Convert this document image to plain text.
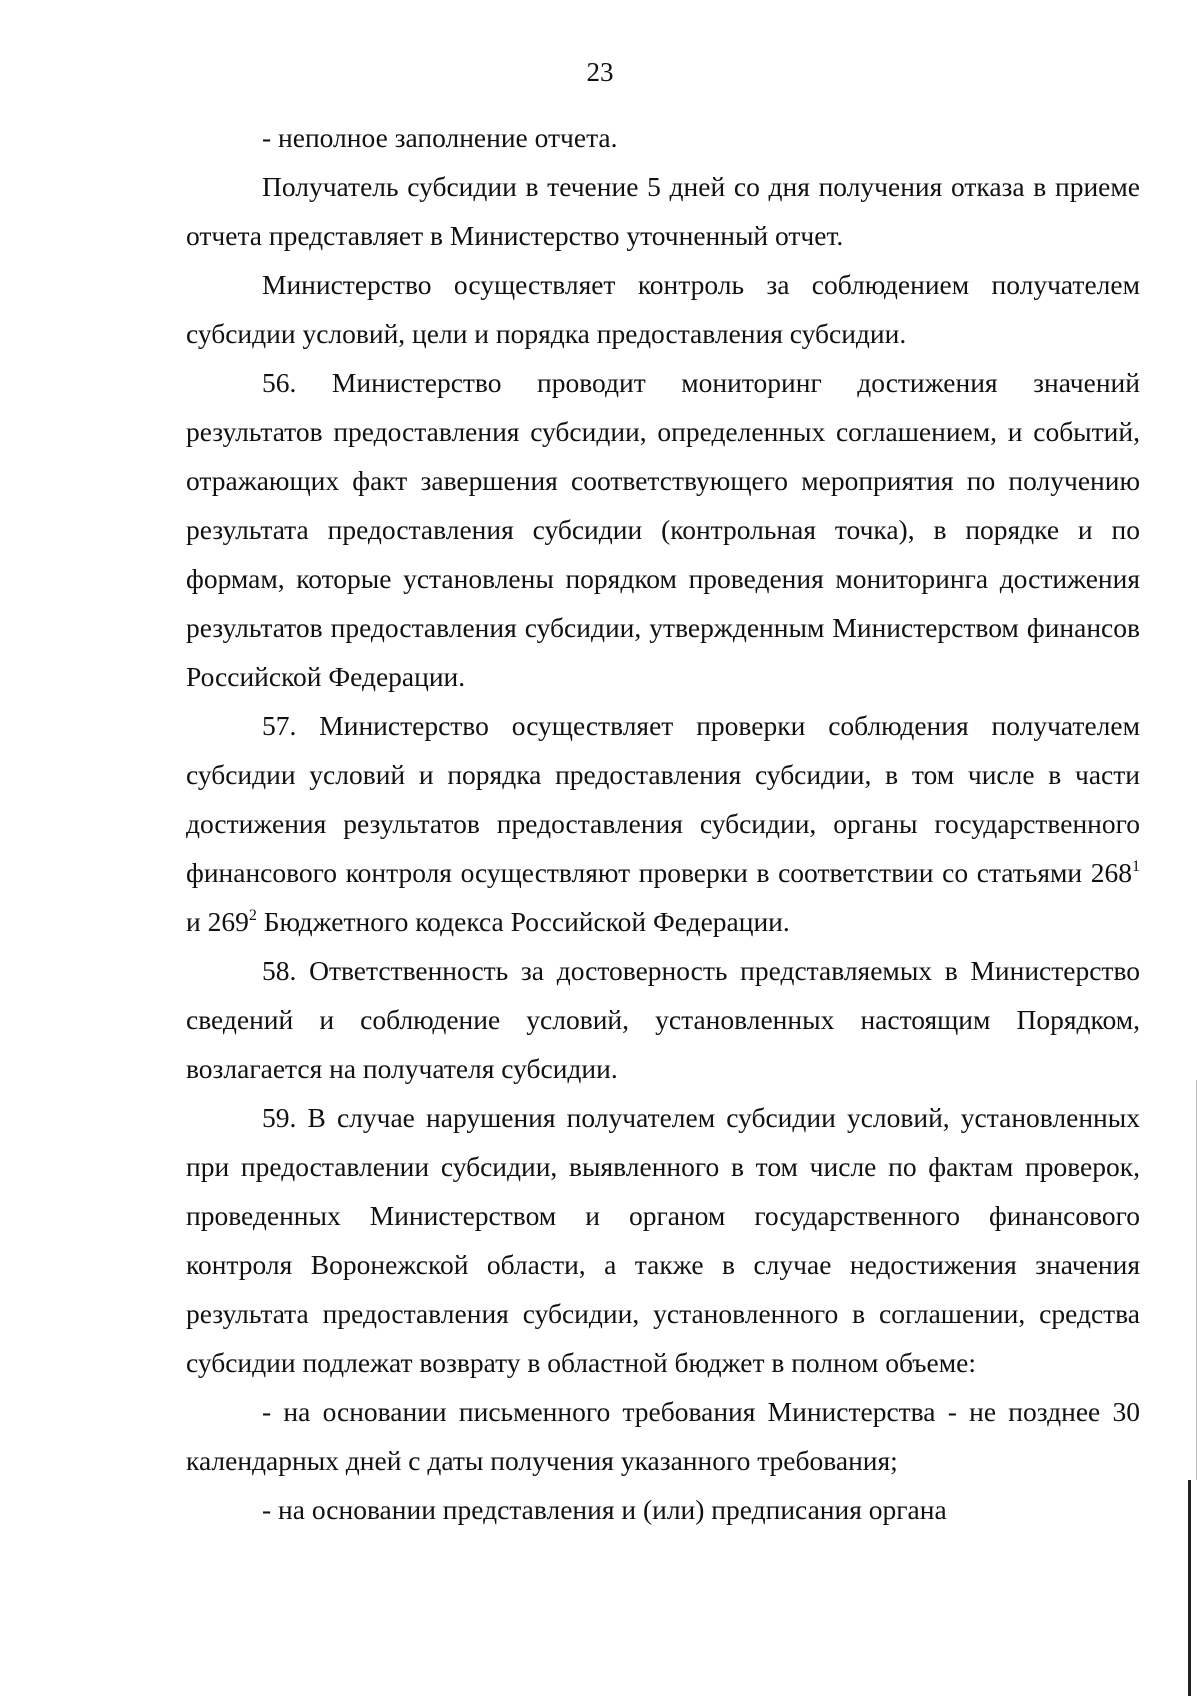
23

- неполное заполнение отчета.

Получатель субсидии в течение 5 дней со дня получения отказа в приеме отчета представляет в Министерство уточненный отчет.

Министерство осуществляет контроль за соблюдением получателем субсидии условий, цели и порядка предоставления субсидии.

56. Министерство проводит мониторинг достижения значений результатов предоставления субсидии, определенных соглашением, и событий, отражающих факт завершения соответствующего мероприятия по получению результата предоставления субсидии (контрольная точка), в порядке и по формам, которые установлены порядком проведения мониторинга достижения результатов предоставления субсидии, утвержденным Министерством финансов Российской Федерации.

57. Министерство осуществляет проверки соблюдения получателем субсидии условий и порядка предоставления субсидии, в том числе в части достижения результатов предоставления субсидии, органы государственного финансового контроля осуществляют проверки в соответствии со статьями $268^1$ и $269^2$ Бюджетного кодекса Российской Федерации.

58. Ответственность за достоверность представляемых в Министерство сведений и соблюдение условий, установленных настоящим Порядком, возлагается на получателя субсидии.

59. В случае нарушения получателем субсидии условий, установленных при предоставлении субсидии, выявленного в том числе по фактам проверок, проведенных Министерством и органом государственного финансового контроля Воронежской области, а также в случае недостижения значения результата предоставления субсидии, установленного в соглашении, средства субсидии подлежат возврату в областной бюджет в полном объеме:

- на основании письменного требования Министерства - не позднее 30 календарных дней с даты получения указанного требования;

- на основании представления и (или) предписания органа
